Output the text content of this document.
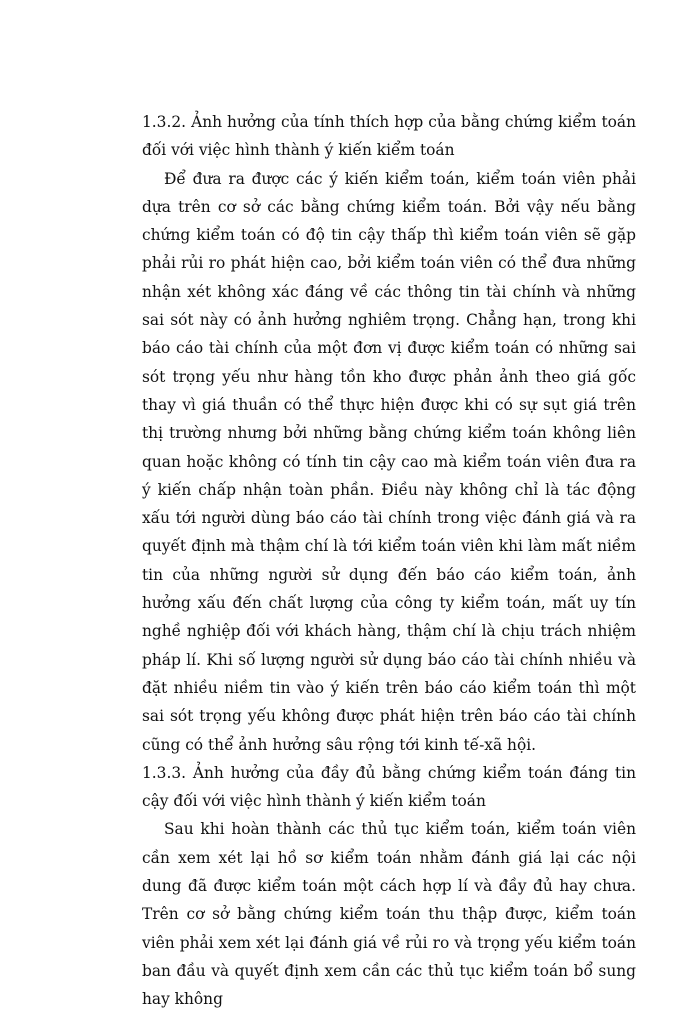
1.3.2. Ảnh hưởng của tính thích hợp của bằng chứng kiểm toán đối với việc hình thành ý kiến kiểm toán

Để đưa ra được các ý kiến kiểm toán, kiểm toán viên phải dựa trên cơ sở các bằng chứng kiểm toán. Bởi vậy nếu bằng chứng kiểm toán có độ tin cậy thấp thì kiểm toán viên sẽ gặp phải rủi ro phát hiện cao, bởi kiểm toán viên có thể đưa những nhận xét không xác đáng về các thông tin tài chính và những sai sót này có ảnh hưởng nghiêm trọng. Chẳng hạn, trong khi báo cáo tài chính của một đơn vị được kiểm toán có những sai sót trọng yếu như hàng tồn kho được phản ảnh theo giá gốc thay vì giá thuần có thể thực hiện được khi có sự sụt giá trên thị trường nhưng bởi những bằng chứng kiểm toán không liên quan hoặc không có tính tin cậy cao mà kiểm toán viên đưa ra ý kiến chấp nhận toàn phần. Điều này không chỉ là tác động xấu tới người dùng báo cáo tài chính trong việc đánh giá và ra quyết định mà thậm chí là tới kiểm toán viên khi làm mất niềm tin của những người sử dụng đến báo cáo kiểm toán, ảnh hưởng xấu đến chất lượng của công ty kiểm toán, mất uy tín nghề nghiệp đối với khách hàng, thậm chí là chịu trách nhiệm pháp lí. Khi số lượng người sử dụng báo cáo tài chính nhiều và đặt nhiều niềm tin vào ý kiến trên báo cáo kiểm toán thì một sai sót trọng yếu không được phát hiện trên báo cáo tài chính cũng có thể ảnh hưởng sâu rộng tới kinh tế-xã hội.

1.3.3. Ảnh hưởng của đầy đủ bằng chứng kiểm toán đáng tin cậy đối với việc hình thành ý kiến kiểm toán

Sau khi hoàn thành các thủ tục kiểm toán, kiểm toán viên cần xem xét lại hồ sơ kiểm toán nhằm đánh giá lại các nội dung đã được kiểm toán một cách hợp lí và đầy đủ hay chưa. Trên cơ sở bằng chứng kiểm toán thu thập được, kiểm toán viên phải xem xét lại đánh giá về rủi ro và trọng yếu kiểm toán ban đầu và quyết định xem cần các thủ tục kiểm toán bổ sung hay không
